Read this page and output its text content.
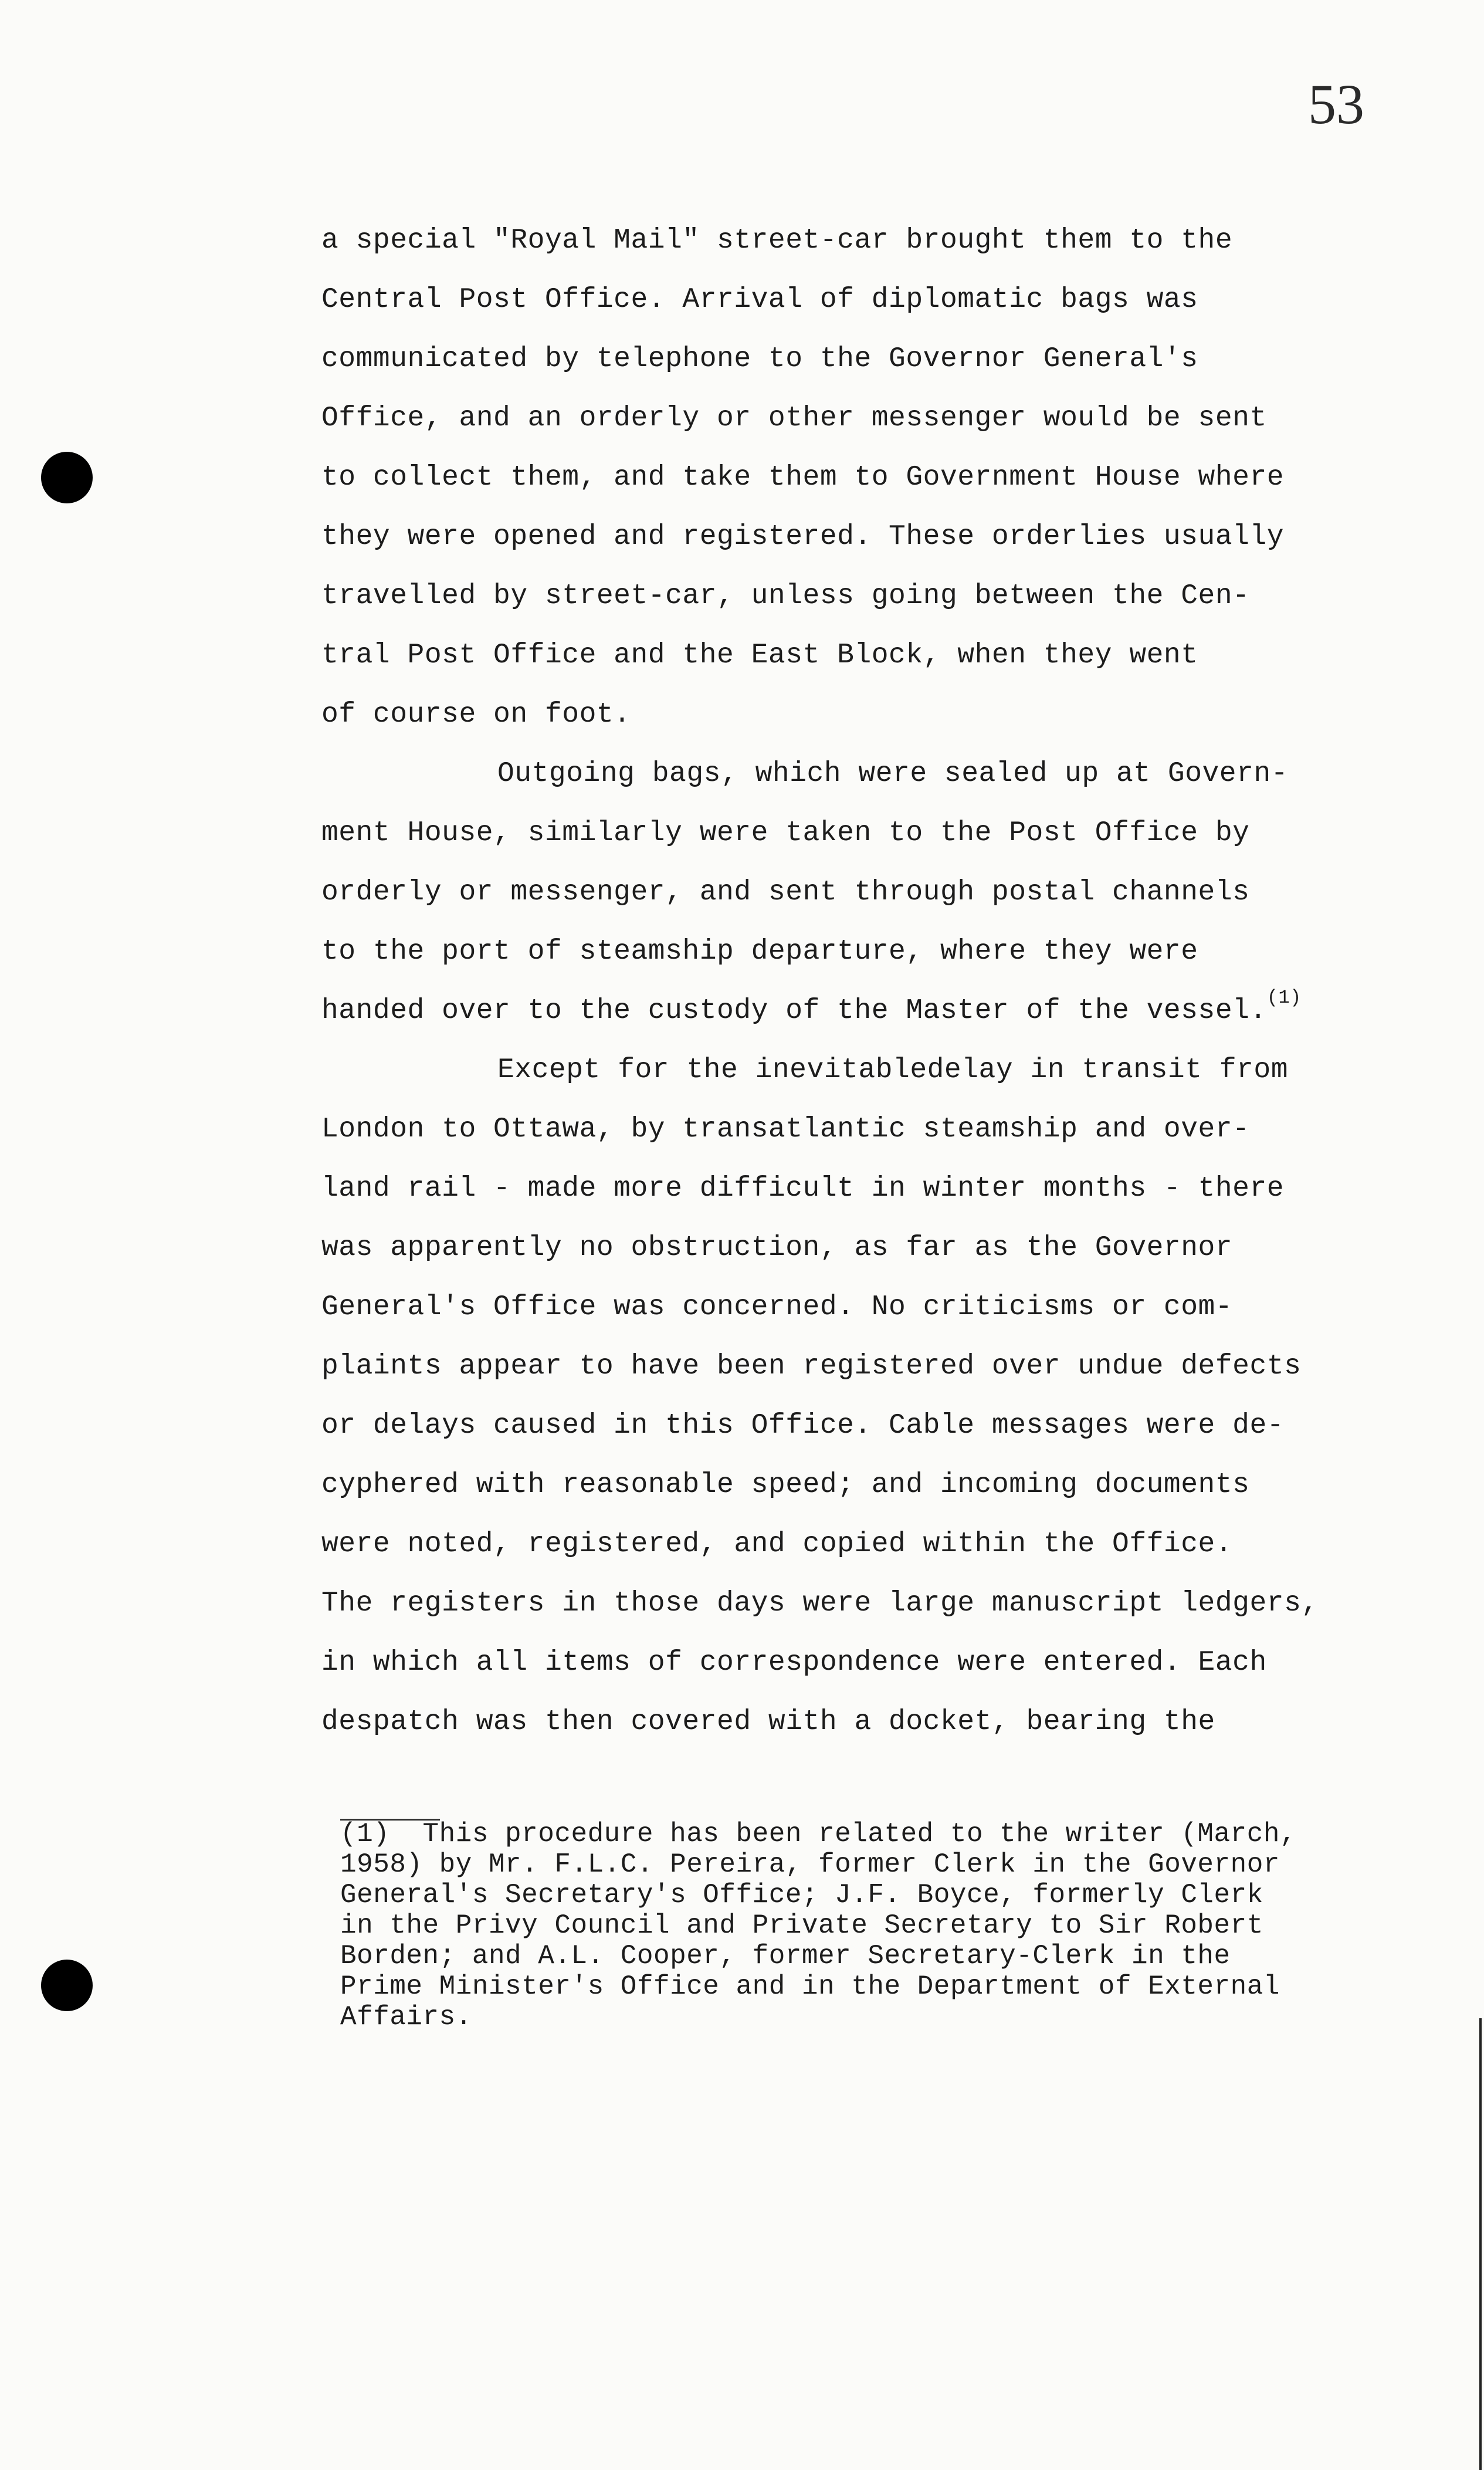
53
a special "Royal Mail" street-car brought them to the
Central Post Office. Arrival of diplomatic bags was
communicated by telephone to the Governor General's
Office, and an orderly or other messenger would be sent
to collect them, and take them to Government House where
they were opened and registered. These orderlies usually
travelled by street-car, unless going between the Cen-
tral Post Office and the East Block, when they went
of course on foot.
Outgoing bags, which were sealed up at Govern-
ment House, similarly were taken to the Post Office by
orderly or messenger, and sent through postal channels
to the port of steamship departure, where they were
handed over to the custody of the Master of the vessel.$^{(1)}$
Except for the inevitabledelay in transit from
London to Ottawa, by transatlantic steamship and over-
land rail - made more difficult in winter months - there
was apparently no obstruction, as far as the Governor
General's Office was concerned. No criticisms or com-
plaints appear to have been registered over undue defects
or delays caused in this Office. Cable messages were de-
cyphered with reasonable speed; and incoming documents
were noted, registered, and copied within the Office.
The registers in those days were large manuscript ledgers,
in which all items of correspondence were entered. Each
despatch was then covered with a docket, bearing the
(1)  This procedure has been related to the writer (March,
1958) by Mr. F.L.C. Pereira, former Clerk in the Governor
General's Secretary's Office; J.F. Boyce, formerly Clerk
in the Privy Council and Private Secretary to Sir Robert
Borden; and A.L. Cooper, former Secretary-Clerk in the
Prime Minister's Office and in the Department of External
Affairs.
